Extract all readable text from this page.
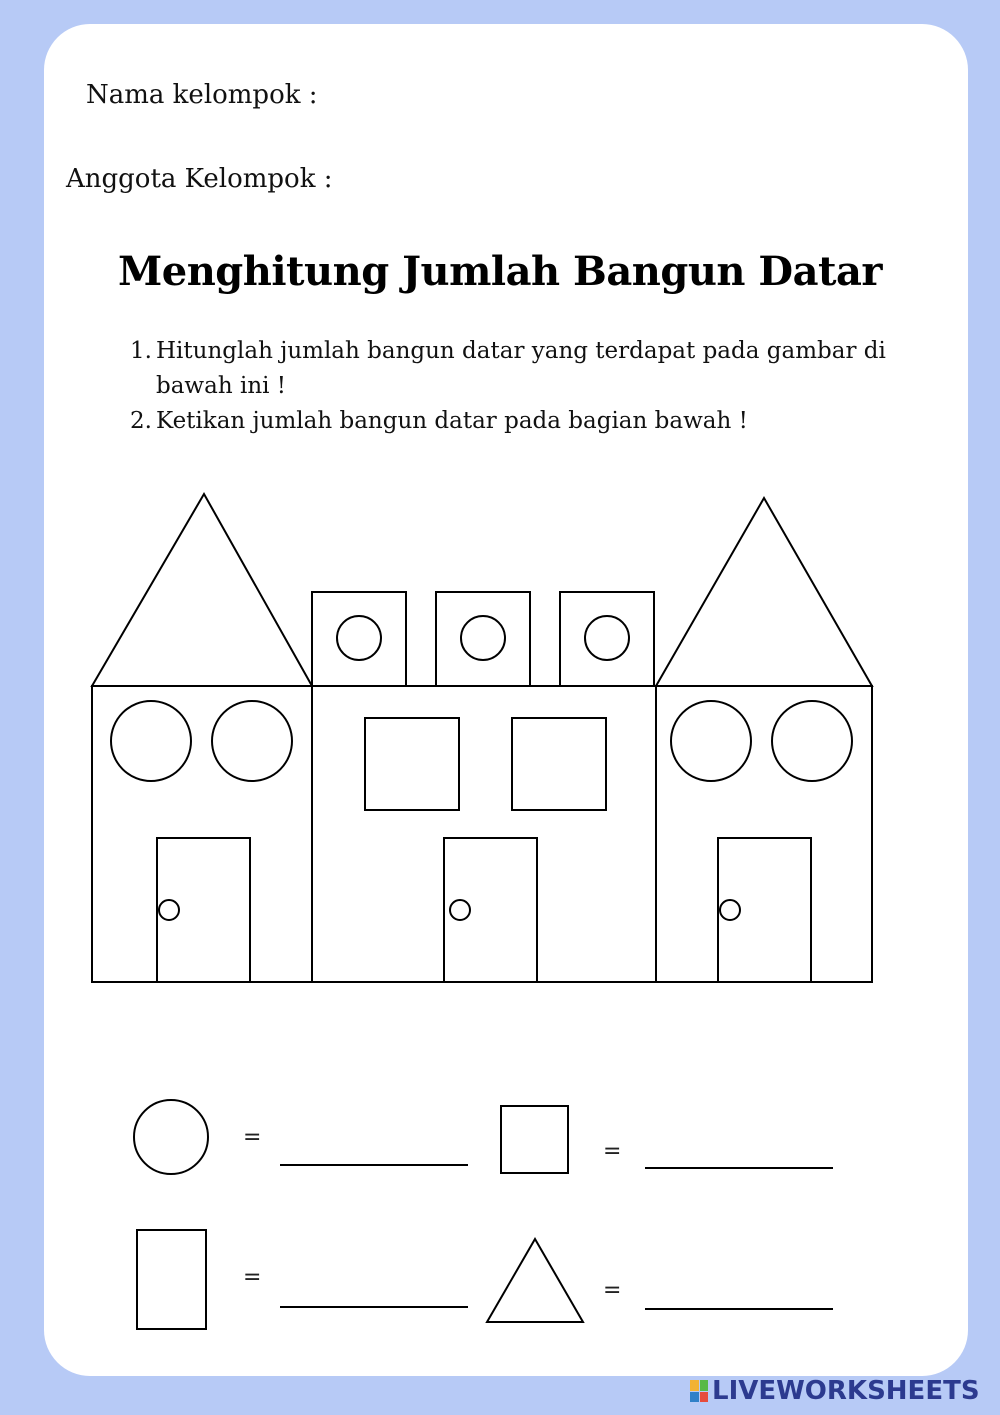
Nama kelompok :
Anggota Kelompok :
Menghitung Jumlah Bangun Datar
1. Hitunglah jumlah bangun datar yang terdapat pada gambar di bawah ini !
2. Ketikan jumlah bangun datar pada bagian bawah !
=
=
=
=
LIVEWORKSHEETS
